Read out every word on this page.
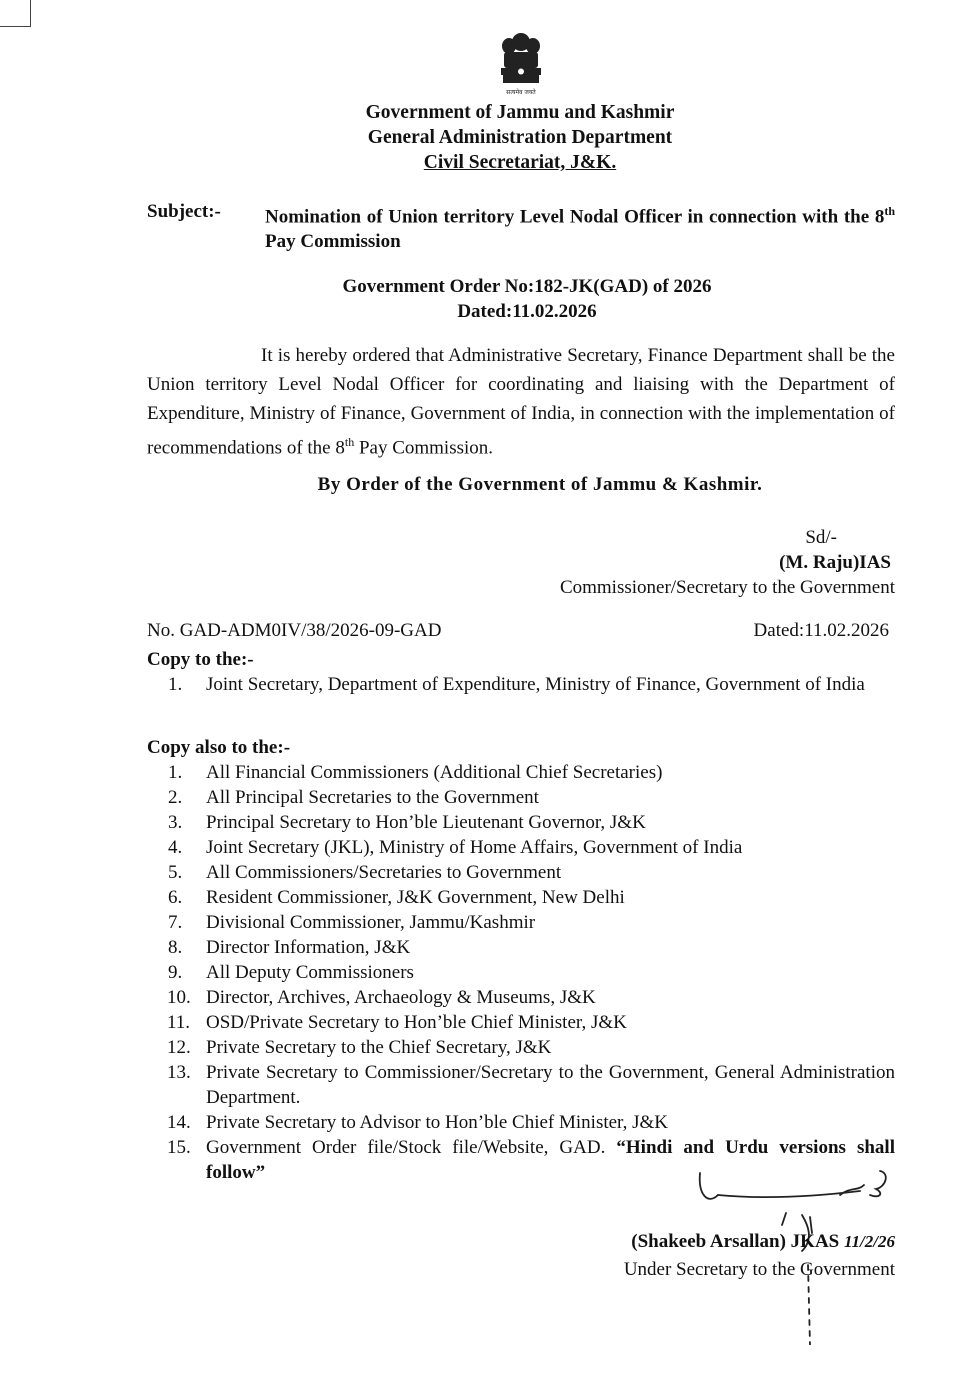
सत्यमेव जयते
Government of Jammu and Kashmir
General Administration Department
Civil Secretariat, J&K.
Subject:- Nomination of Union territory Level Nodal Officer in connection with the 8th Pay Commission
Government Order No:182-JK(GAD) of 2026
Dated:11.02.2026
It is hereby ordered that Administrative Secretary, Finance Department shall be the Union territory Level Nodal Officer for coordinating and liaising with the Department of Expenditure, Ministry of Finance, Government of India, in connection with the implementation of recommendations of the 8th Pay Commission.
By Order of the Government of Jammu & Kashmir.
Sd/-
(M. Raju)IAS
Commissioner/Secretary to the Government
No. GAD-ADM0IV/38/2026-09-GAD	Dated:11.02.2026
Copy to the:-
1. Joint Secretary, Department of Expenditure, Ministry of Finance, Government of India
Copy also to the:-
1. All Financial Commissioners (Additional Chief Secretaries)
2. All Principal Secretaries to the Government
3. Principal Secretary to Hon’ble Lieutenant Governor, J&K
4. Joint Secretary (JKL), Ministry of Home Affairs, Government of India
5. All Commissioners/Secretaries to Government
6. Resident Commissioner, J&K Government, New Delhi
7. Divisional Commissioner, Jammu/Kashmir
8. Director Information, J&K
9. All Deputy Commissioners
10. Director, Archives, Archaeology & Museums, J&K
11. OSD/Private Secretary to Hon’ble Chief Minister, J&K
12. Private Secretary to the Chief Secretary, J&K
13. Private Secretary to Commissioner/Secretary to the Government, General Administration Department.
14. Private Secretary to Advisor to Hon’ble Chief Minister, J&K
15. Government Order file/Stock file/Website, GAD. “Hindi and Urdu versions shall follow”
(Shakeeb Arsallan) JKAS 11/2/26
Under Secretary to the Government
